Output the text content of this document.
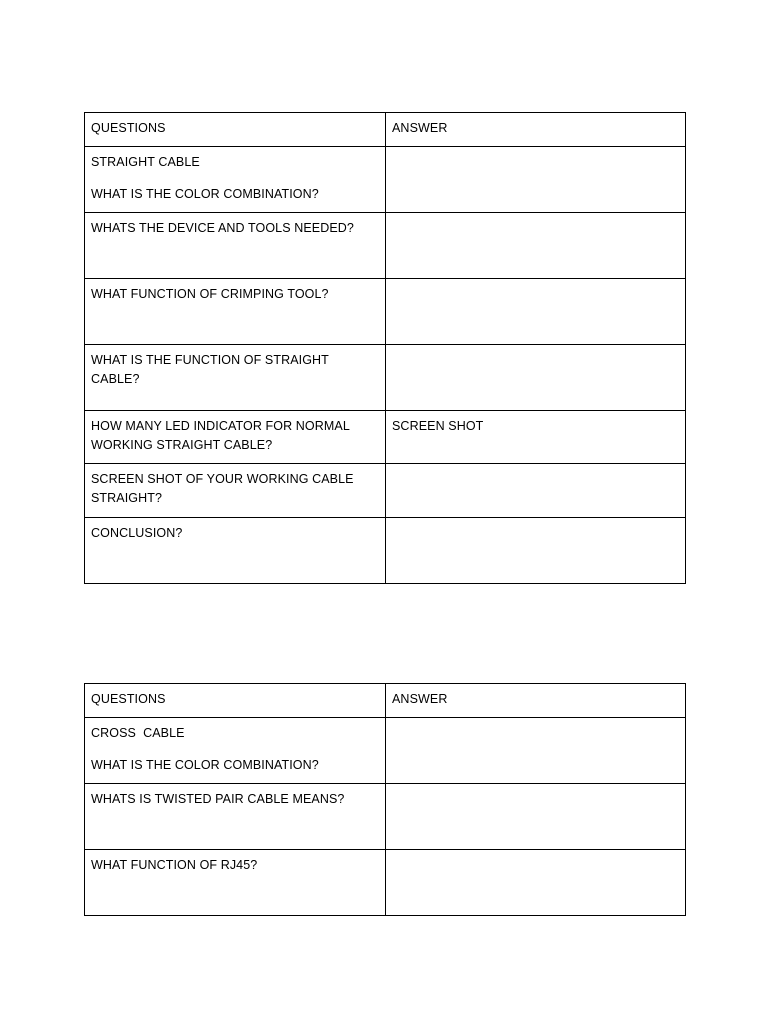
QUESTIONS	ANSWER

STRAIGHT CABLE
WHAT IS THE COLOR COMBINATION?	

WHATS THE DEVICE AND TOOLS NEEDED?	
WHAT FUNCTION OF CRIMPING TOOL?	
WHAT IS THE FUNCTION OF STRAIGHT CABLE?	

HOW MANY LED INDICATOR FOR NORMAL
WORKING STRAIGHT CABLE?	SCREEN SHOT

SCREEN SHOT OF YOUR WORKING CABLE
STRAIGHT?	

CONCLUSION?	
QUESTIONS	ANSWER

CROSS  CABLE
WHAT IS THE COLOR COMBINATION?	

WHATS IS TWISTED PAIR CABLE MEANS?	
WHAT FUNCTION OF RJ45?	
